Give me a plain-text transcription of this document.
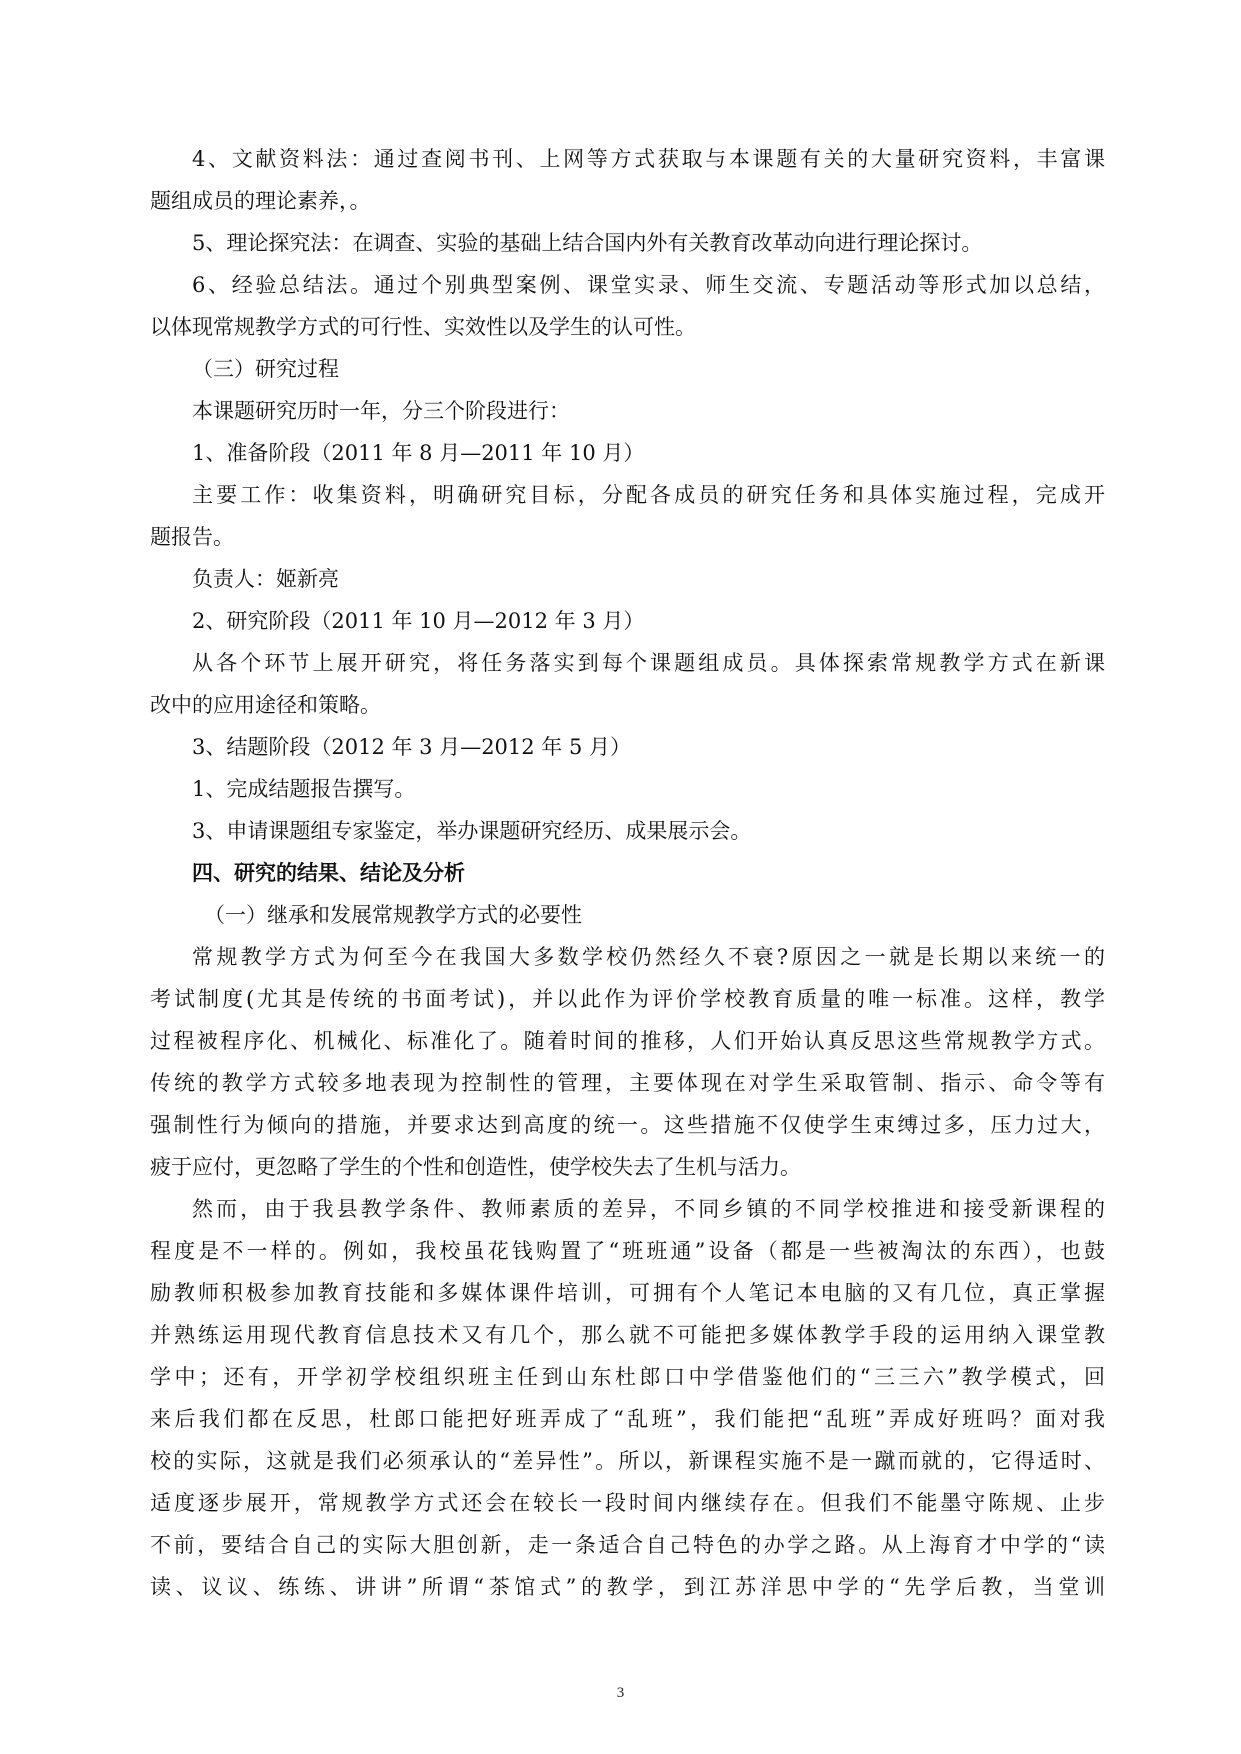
4、文献资料法：通过查阅书刊、上网等方式获取与本课题有关的大量研究资料，丰富课
题组成员的理论素养，。
5、理论探究法：在调查、实验的基础上结合国内外有关教育改革动向进行理论探讨。
6、经验总结法。通过个别典型案例、课堂实录、师生交流、专题活动等形式加以总结，
以体现常规教学方式的可行性、实效性以及学生的认可性。
（三）研究过程
本课题研究历时一年，分三个阶段进行：
1、准备阶段（2011 年 8 月—2011 年 10 月）
主要工作：收集资料，明确研究目标，分配各成员的研究任务和具体实施过程，完成开
题报告。
负责人：姬新亮
2、研究阶段（2011 年 10 月—2012 年 3 月）
从各个环节上展开研究，将任务落实到每个课题组成员。具体探索常规教学方式在新课
改中的应用途径和策略。
3、结题阶段（2012 年 3 月—2012 年 5 月）
1、完成结题报告撰写。
3、申请课题组专家鉴定，举办课题研究经历、成果展示会。
四、研究的结果、结论及分析
（一）继承和发展常规教学方式的必要性
常规教学方式为何至今在我国大多数学校仍然经久不衰?原因之一就是长期以来统一的
考试制度(尤其是传统的书面考试)，并以此作为评价学校教育质量的唯一标准。这样，教学
过程被程序化、机械化、标准化了。随着时间的推移，人们开始认真反思这些常规教学方式。
传统的教学方式较多地表现为控制性的管理，主要体现在对学生采取管制、指示、命令等有
强制性行为倾向的措施，并要求达到高度的统一。这些措施不仅使学生束缚过多，压力过大，
疲于应付，更忽略了学生的个性和创造性，使学校失去了生机与活力。
然而，由于我县教学条件、教师素质的差异，不同乡镇的不同学校推进和接受新课程的
程度是不一样的。例如，我校虽花钱购置了“班班通”设备（都是一些被淘汰的东西），也鼓
励教师积极参加教育技能和多媒体课件培训，可拥有个人笔记本电脑的又有几位，真正掌握
并熟练运用现代教育信息技术又有几个，那么就不可能把多媒体教学手段的运用纳入课堂教
学中；还有，开学初学校组织班主任到山东杜郎口中学借鉴他们的“三三六”教学模式，回
来后我们都在反思，杜郎口能把好班弄成了“乱班”，我们能把“乱班”弄成好班吗？面对我
校的实际，这就是我们必须承认的“差异性”。所以，新课程实施不是一蹴而就的，它得适时、
适度逐步展开，常规教学方式还会在较长一段时间内继续存在。但我们不能墨守陈规、止步
不前，要结合自己的实际大胆创新，走一条适合自己特色的办学之路。从上海育才中学的“读
读、议议、练练、讲讲”所谓“茶馆式”的教学，到江苏洋思中学的“先学后教，当堂训
3
